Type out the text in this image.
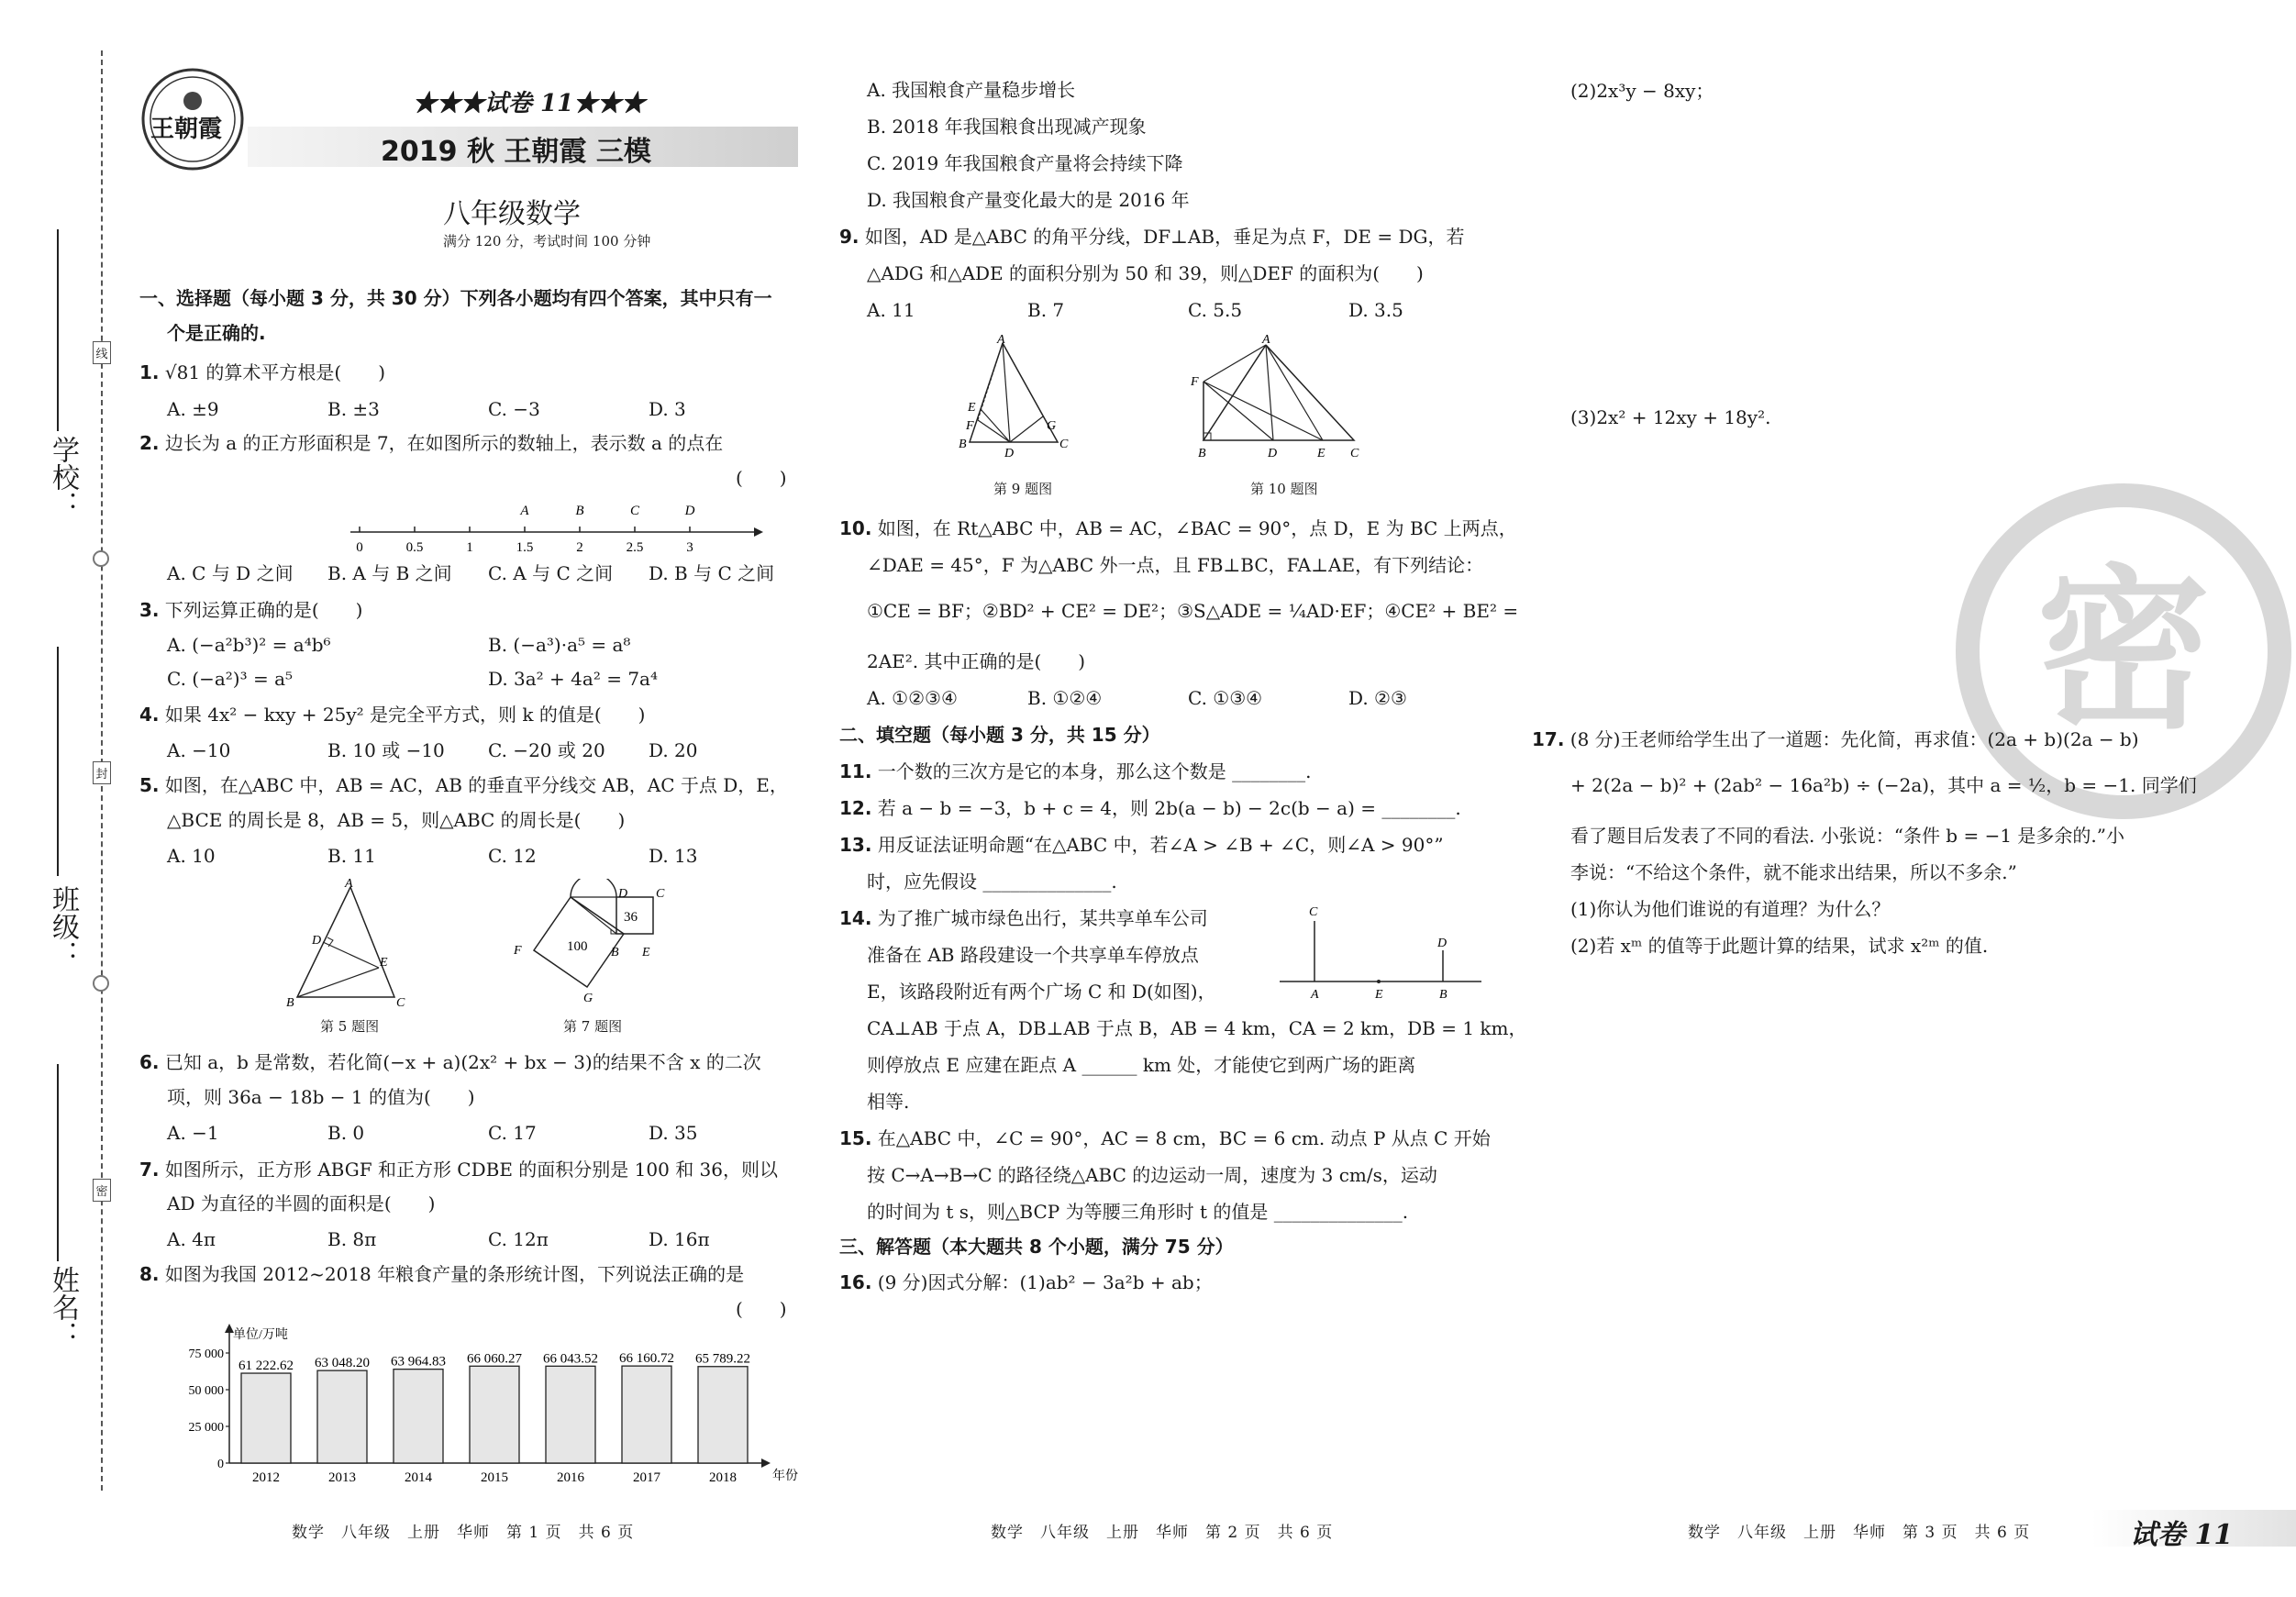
学校：
班级：
姓名：
线
封
密
王朝霞
★★★试卷 11★★★
2019 秋 王朝霞 三模
八年级数学
满分 120 分，考试时间 100 分钟
一、选择题（每小题 3 分，共 30 分）下列各小题均有四个答案，其中只有一
个是正确的.
1. √81 的算术平方根是(　　)
A. ±9	B. ±3	C. −3	D. 3
2. 边长为 a 的正方形面积是 7，在如图所示的数轴上，表示数 a 的点在
(　　)
0	0.5	1	1.5	2	2.5	3
A	B	C	D
A. C 与 D 之间 B. A 与 B 之间 C. A 与 C 之间 D. B 与 C 之间
3. 下列运算正确的是(　　)
A. (−a²b³)² = a⁴b⁶	B. (−a³)·a⁵ = a⁸
C. (−a²)³ = a⁵	D. 3a² + 4a² = 7a⁴
4. 如果 4x² − kxy + 25y² 是完全平方式，则 k 的值是(　　)
A. −10	B. 10 或 −10 C. −20 或 20 D. 20
5. 如图，在△ABC 中，AB = AC，AB 的垂直平分线交 AB，AC 于点 D，E，
△BCE 的周长是 8，AB = 5，则△ABC 的周长是(　　)
A. 10	B. 11	C. 12	D. 13
A
D
E
B	C
第 5 题图
D C
36
100
F	B E
G
第 7 题图
6. 已知 a，b 是常数，若化简(−x + a)(2x² + bx − 3)的结果不含 x 的二次
项，则 36a − 18b − 1 的值为(　　)
A. −1	B. 0	C. 17	D. 35
7. 如图所示，正方形 ABGF 和正方形 CDBE 的面积分别是 100 和 36，则以
AD 为直径的半圆的面积是(　　)
A. 4π	B. 8π	C. 12π	D. 16π
8. 如图为我国 2012~2018 年粮食产量的条形统计图，下列说法正确的是
(　　)
单位/万吨
年份
0
25 000
50 000
75 000
61 222.62
2012
63 048.20
2013
63 964.83
2014
66 060.27
2015
66 043.52
2016
66 160.72
2017
65 789.22
2018
A. 我国粮食产量稳步增长
B. 2018 年我国粮食出现减产现象
C. 2019 年我国粮食产量将会持续下降
D. 我国粮食产量变化最大的是 2016 年
9. 如图，AD 是△ABC 的角平分线，DF⊥AB，垂足为点 F，DE = DG，若
△ADG 和△ADE 的面积分别为 50 和 39，则△DEF 的面积为(　　)
A. 11	B. 7	C. 5.5	D. 3.5
A
E
F
B
D
G
C
第 9 题图
A
F
B	D	E C
第 10 题图
10. 如图，在 Rt△ABC 中，AB = AC，∠BAC = 90°，点 D，E 为 BC 上两点，
∠DAE = 45°，F 为△ABC 外一点，且 FB⊥BC，FA⊥AE，有下列结论：
①CE = BF；②BD² + CE² = DE²；③S△ADE = ¼AD·EF；④CE² + BE² =
2AE². 其中正确的是(　　)
A. ①②③④	B. ①②④	C. ①③④	D. ②③
二、填空题（每小题 3 分，共 15 分）
11. 一个数的三次方是它的本身，那么这个数是 ________.
12. 若 a − b = −3，b + c = 4，则 2b(a − b) − 2c(b − a) = ________.
13. 用反证法证明命题“在△ABC 中，若∠A > ∠B + ∠C，则∠A > 90°”
时，应先假设 ______________.
14. 为了推广城市绿色出行，某共享单车公司
准备在 AB 路段建设一个共享单车停放点
E，该路段附近有两个广场 C 和 D(如图)，
CA⊥AB 于点 A，DB⊥AB 于点 B，AB = 4 km，CA = 2 km，DB = 1 km，
则停放点 E 应建在距点 A ______ km 处，才能使它到两广场的距离
相等.
C
D
A	E	B
15. 在△ABC 中，∠C = 90°，AC = 8 cm，BC = 6 cm. 动点 P 从点 C 开始
按 C→A→B→C 的路径绕△ABC 的边运动一周，速度为 3 cm/s，运动
的时间为 t s，则△BCP 为等腰三角形时 t 的值是 ______________.
三、解答题（本大题共 8 个小题，满分 75 分）
16. (9 分)因式分解：(1)ab² − 3a²b + ab；
(2)2x³y − 8xy；
(3)2x² + 12xy + 18y².
密
17. (8 分)王老师给学生出了一道题：先化简，再求值：(2a + b)(2a − b)
+ 2(2a − b)² + (2ab² − 16a²b) ÷ (−2a)，其中 a = ½，b = −1. 同学们
看了题目后发表了不同的看法. 小张说：“条件 b = −1 是多余的.”小
李说：“不给这个条件，就不能求出结果，所以不多余.”
(1)你认为他们谁说的有道理？为什么？
(2)若 xᵐ 的值等于此题计算的结果，试求 x²ᵐ 的值.
数学　八年级　上册　华师　第 1 页　共 6 页	数学　八年级　上册　华师　第 2 页　共 6 页	数学　八年级　上册　华师　第 3 页　共 6 页	试卷 11
